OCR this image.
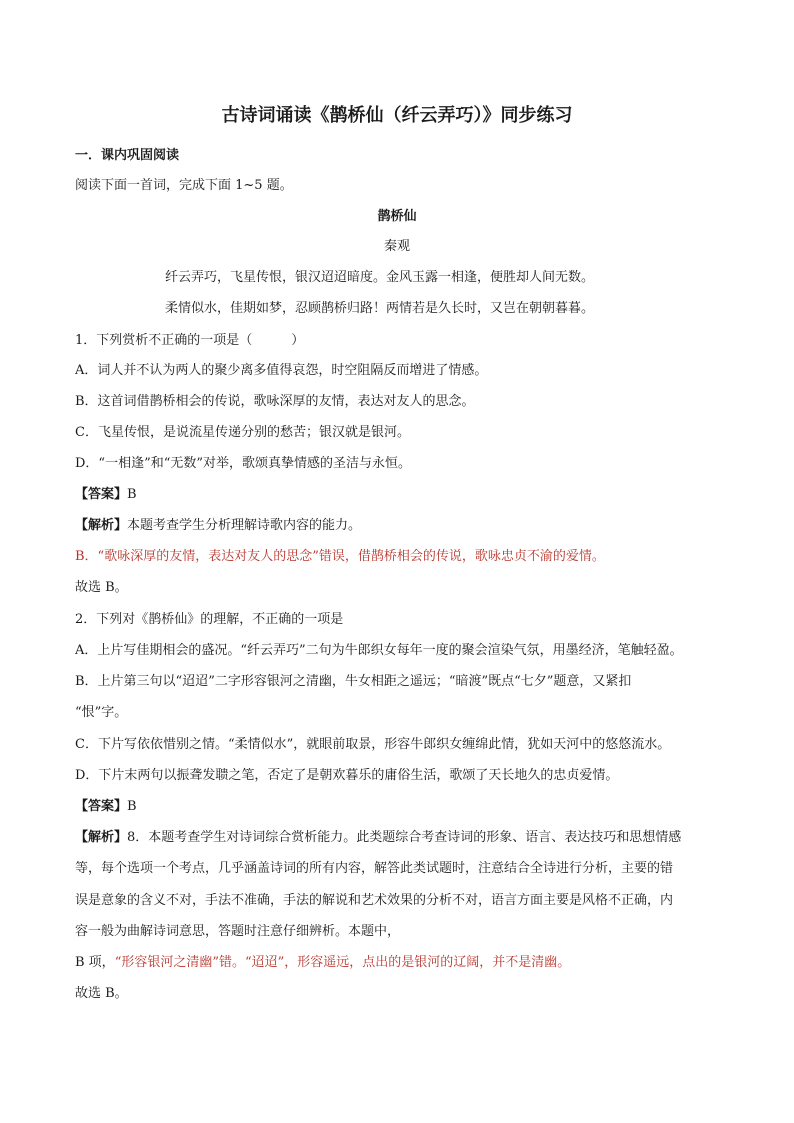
古诗词诵读《鹊桥仙（纤云弄巧）》同步练习
一．课内巩固阅读
阅读下面一首词，完成下面 1~5 题。
鹊桥仙
秦观
纤云弄巧，飞星传恨，银汉迢迢暗度。金风玉露一相逢，便胜却人间无数。
柔情似水，佳期如梦，忍顾鹊桥归路！两情若是久长时，又岂在朝朝暮暮。
1．下列赏析不正确的一项是（　　　）
A．词人并不认为两人的聚少离多值得哀怨，时空阻隔反而增进了情感。
B．这首词借鹊桥相会的传说，歌咏深厚的友情，表达对友人的思念。
C．飞星传恨，是说流星传递分别的愁苦；银汉就是银河。
D．“一相逢”和“无数”对举，歌颂真挚情感的圣洁与永恒。
【答案】B
【解析】本题考查学生分析理解诗歌内容的能力。
B．“歌咏深厚的友情，表达对友人的思念”错误，借鹊桥相会的传说，歌咏忠贞不渝的爱情。
故选 B。
2．下列对《鹊桥仙》的理解，不正确的一项是
A．上片写佳期相会的盛况。“纤云弄巧”二句为牛郎织女每年一度的聚会渲染气氛，用墨经济，笔触轻盈。
B．上片第三句以“迢迢”二字形容银河之清幽，牛女相距之遥远；“暗渡”既点“七夕”题意，又紧扣
“恨”字。
C．下片写依依惜别之情。“柔情似水”，就眼前取景，形容牛郎织女缠绵此情，犹如天河中的悠悠流水。
D．下片末两句以振聋发聩之笔，否定了是朝欢暮乐的庸俗生活，歌颂了天长地久的忠贞爱情。
【答案】B
【解析】8．本题考查学生对诗词综合赏析能力。此类题综合考查诗词的形象、语言、表达技巧和思想情感
等，每个选项一个考点，几乎涵盖诗词的所有内容，解答此类试题时，注意结合全诗进行分析，主要的错
误是意象的含义不对，手法不准确，手法的解说和艺术效果的分析不对，语言方面主要是风格不正确，内
容一般为曲解诗词意思，答题时注意仔细辨析。本题中，
B 项，“形容银河之清幽”错。“迢迢”，形容遥远，点出的是银河的辽阔，并不是清幽。
故选 B。
